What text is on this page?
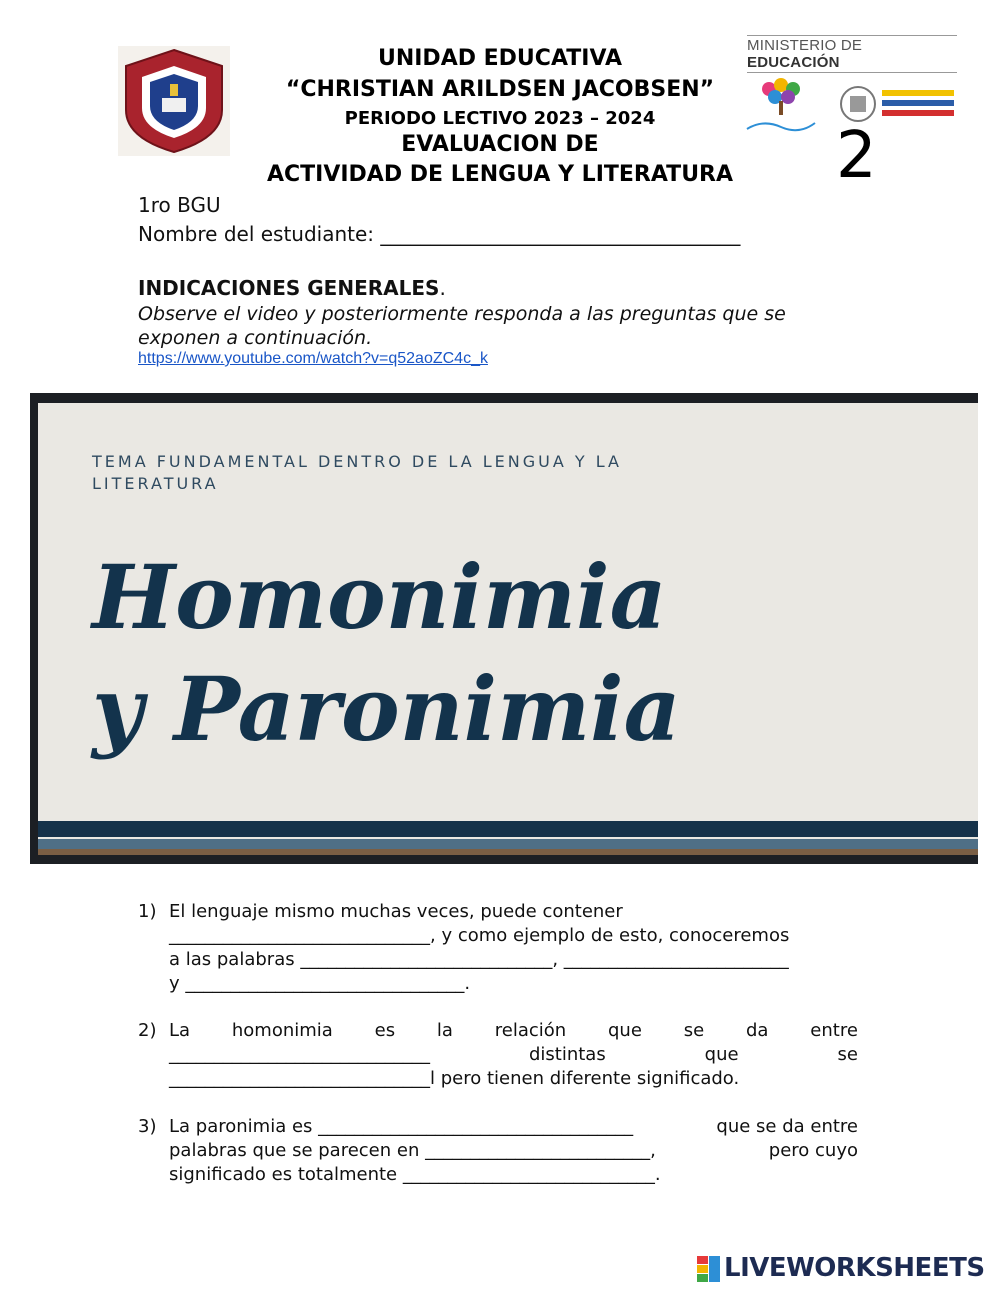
UNIDAD EDUCATIVA
“CHRISTIAN ARILDSEN JACOBSEN”
PERIODO LECTIVO 2023 – 2024
EVALUACION DE
ACTIVIDAD DE LENGUA Y LITERATURA
MINISTERIO DE EDUCACIÓN
2
1ro BGU
Nombre del estudiante: ____________________________________
INDICACIONES GENERALES.
Observe el video y posteriormente responda a las preguntas que se exponen a continuación.
https://www.youtube.com/watch?v=q52aoZC4c_k
TEMA FUNDAMENTAL DENTRO DE LA LENGUA Y LA LITERATURA
Homonimia
y Paronimia
1) El lenguaje mismo muchas veces, puede contener
_____________________________, y como ejemplo de esto, conoceremos
a las palabras ____________________________, _________________________
y _______________________________.
2) La homonimia es la relación que se da entre
_____________________________	distintas	que	se
_____________________________l pero tienen diferente significado.
3) La paronimia es ___________________________________	que se da entre
palabras que se parecen en _________________________,	pero cuyo
significado es totalmente ____________________________.
LIVEWORKSHEETS
